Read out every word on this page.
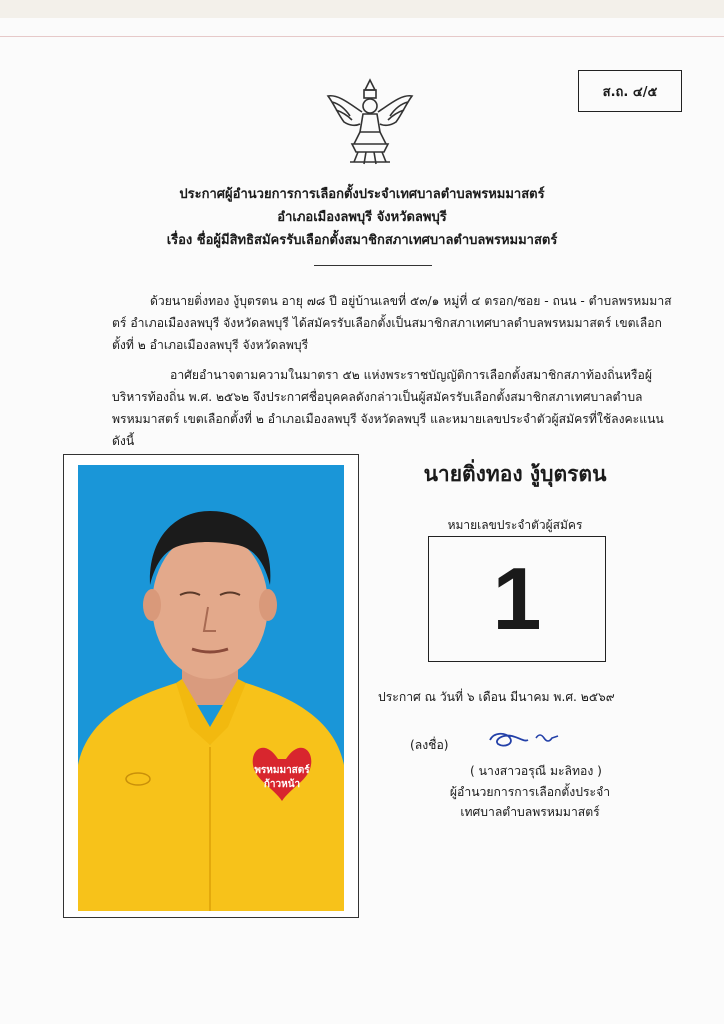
ส.ถ. ๔/๕
ประกาศผู้อำนวยการการเลือกตั้งประจำเทศบาลตำบลพรหมมาสตร์
อำเภอเมืองลพบุรี จังหวัดลพบุรี
เรื่อง ชื่อผู้มีสิทธิสมัครรับเลือกตั้งสมาชิกสภาเทศบาลตำบลพรหมมาสตร์
ด้วยนายติ่งทอง งู้บุตรตน อายุ ๗๘ ปี อยู่บ้านเลขที่ ๕๓/๑ หมู่ที่ ๔ ตรอก/ซอย - ถนน - ตำบลพรหมมาสตร์ อำเภอเมืองลพบุรี จังหวัดลพบุรี ได้สมัครรับเลือกตั้งเป็นสมาชิกสภาเทศบาลตำบลพรหมมาสตร์ เขตเลือกตั้งที่ ๒ อำเภอเมืองลพบุรี จังหวัดลพบุรี
อาศัยอำนาจตามความในมาตรา ๕๒ แห่งพระราชบัญญัติการเลือกตั้งสมาชิกสภาท้องถิ่นหรือผู้บริหารท้องถิ่น พ.ศ. ๒๕๖๒ จึงประกาศชื่อบุคคลดังกล่าวเป็นผู้สมัครรับเลือกตั้งสมาชิกสภาเทศบาลตำบลพรหมมาสตร์ เขตเลือกตั้งที่ ๒ อำเภอเมืองลพบุรี จังหวัดลพบุรี และหมายเลขประจำตัวผู้สมัครที่ใช้ลงคะแนน ดังนี้
พรหมมาสตร์
ก้าวหน้า
นายติ่งทอง งู้บุตรตน
หมายเลขประจำตัวผู้สมัคร
1
ประกาศ ณ วันที่ ๖ เดือน มีนาคม พ.ศ. ๒๕๖๙
(ลงชื่อ)
( นางสาวอรุณี มะลิทอง )
ผู้อำนวยการการเลือกตั้งประจำ
เทศบาลตำบลพรหมมาสตร์
